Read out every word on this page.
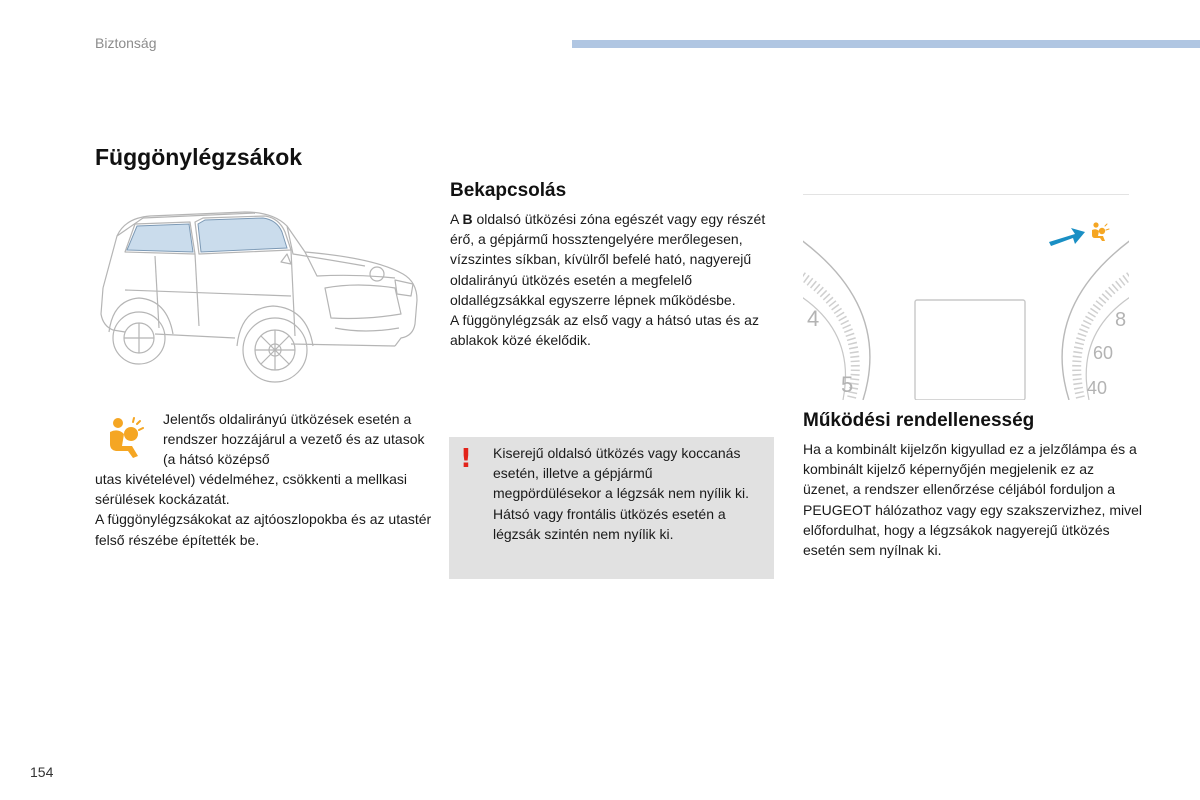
Biztonság
Függönylégzsákok

Jelentős oldalirányú ütközések esetén a rendszer hozzájárul a vezető és az utasok (a hátsó középső

utas kivételével) védelméhez, csökkenti a mellkasi sérülések kockázatát.
A függönylégzsákokat az ajtóoszlopokba és az utastér felső részébe építették be.

Bekapcsolás
A B oldalsó ütközési zóna egészét vagy egy részét érő, a gépjármű hossztengelyére merőlegesen, vízszintes síkban, kívülről befelé ható, nagyerejű oldalirányú ütközés esetén a megfelelő oldallégzsákkal egyszerre lépnek működésbe.
A függönylégzsák az első vagy a hátsó utas és az ablakok közé ékelődik.
! Kiserejű oldalsó ütközés vagy koccanás esetén, illetve a gépjármű megpördülésekor a légzsák nem nyílik ki.
Hátsó vagy frontális ütközés esetén a légzsák szintén nem nyílik ki.

4
5
8
60
40
Működési rendellenesség

Ha a kombinált kijelzőn kigyullad ez a jelzőlámpa és a kombinált kijelző képernyőjén megjelenik ez az üzenet, a rendszer ellenőrzése céljából forduljon a PEUGEOT hálózathoz vagy egy szakszervizhez, mivel előfordulhat, hogy a légzsákok nagyerejű ütközés esetén sem nyílnak ki.

154
